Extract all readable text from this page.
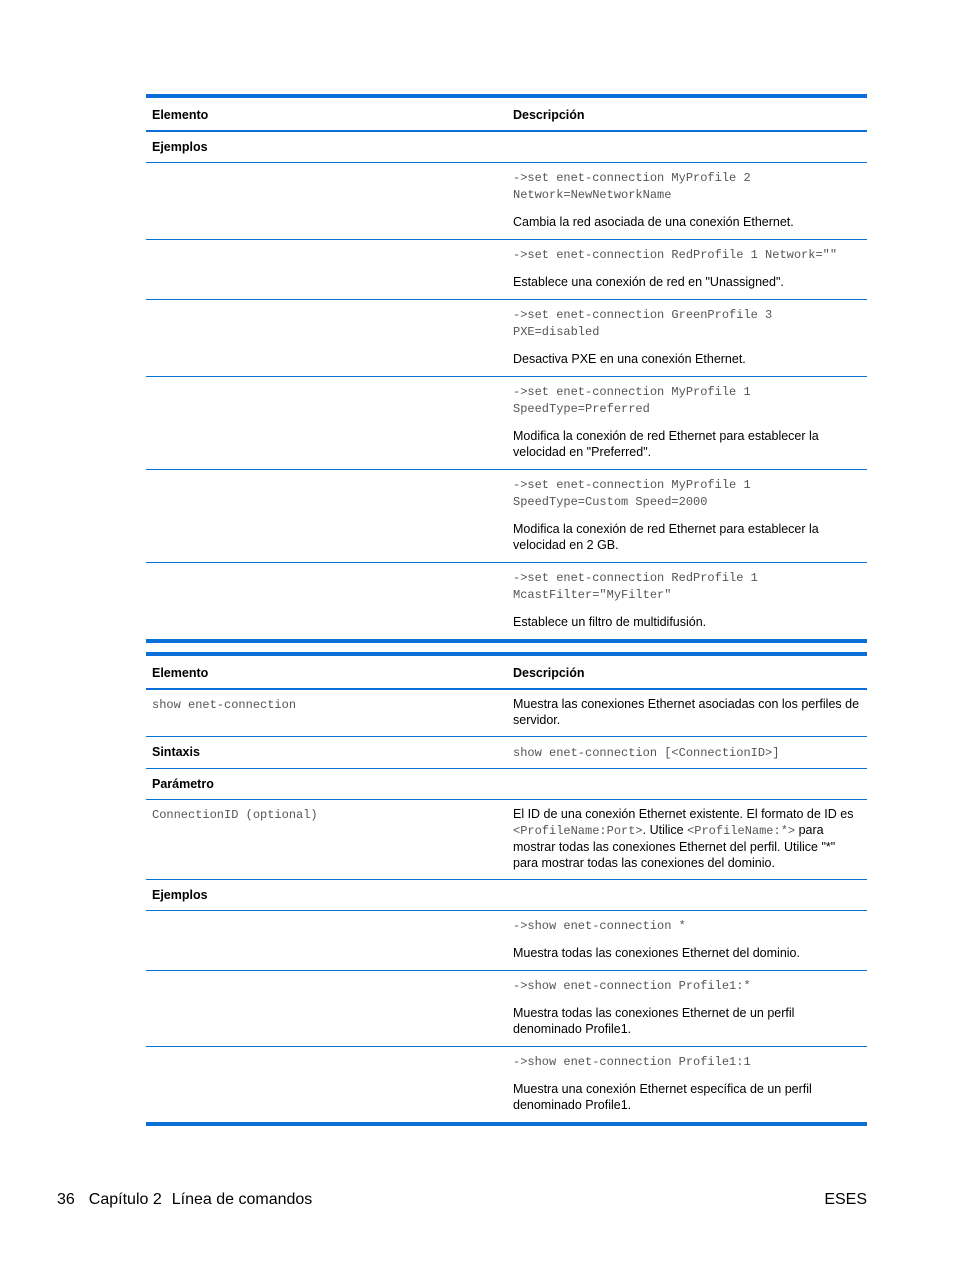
Elemento	Descripción
Ejemplos	
	->set enet-connection MyProfile 2
Network=NewNetworkName
Cambia la red asociada de una conexión Ethernet.

	->set enet-connection RedProfile 1 Network=""
Establece una conexión de red en "Unassigned".

	->set enet-connection GreenProfile 3
PXE=disabled
Desactiva PXE en una conexión Ethernet.

	->set enet-connection MyProfile 1
SpeedType=Preferred
Modifica la conexión de red Ethernet para establecer la velocidad en "Preferred".

	->set enet-connection MyProfile 1
SpeedType=Custom Speed=2000
Modifica la conexión de red Ethernet para establecer la velocidad en 2 GB.

	->set enet-connection RedProfile 1
McastFilter="MyFilter"
Establece un filtro de multidifusión.
Elemento	Descripción
show enet-connection	Muestra las conexiones Ethernet asociadas con los perfiles de servidor.
Sintaxis	show enet-connection [<ConnectionID>]
Parámetro	
ConnectionID (optional)	El ID de una conexión Ethernet existente. El formato de ID es <ProfileName:Port>. Utilice <ProfileName:*> para mostrar todas las conexiones Ethernet del perfil. Utilice "*" para mostrar todas las conexiones del dominio.
Ejemplos	
	->show enet-connection *
Muestra todas las conexiones Ethernet del dominio.

	->show enet-connection Profile1:*
Muestra todas las conexiones Ethernet de un perfil denominado Profile1.

	->show enet-connection Profile1:1
Muestra una conexión Ethernet específica de un perfil denominado Profile1.
36 Capítulo 2 Línea de comandos	ESES
